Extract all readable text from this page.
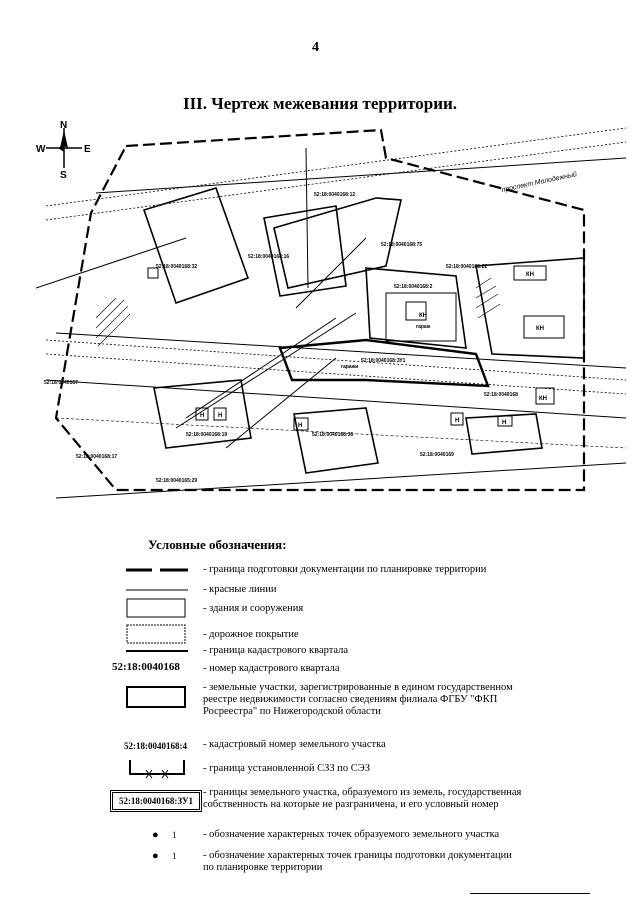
4
III. Чертеж межевания территории.
N
S
W	E
проспект Молодежный
52:18:0040168:12
52:18:0040168:16
52:18:0040168:75
52:18:0040168:22
52:18:0040168:2
52:18:0040168:ЗУ1
52:18:0040168
52:18:0040168:19
52:18:0040168:17
52:18:0040167
52:18:0040169
52:18:0040168:32
52:18:0040168:36
52:18:0040165:29
гараж
гаражи
КН
КН
КН
КН
Н Н
Н
Н	Н
Условные обозначения:
- граница подготовки документации по планировке территории
- красные линии
- здания и сооружения
- дорожное покрытие
- граница кадастрового квартала
52:18:0040168 - номер кадастрового квартала
- земельные участки, зарегистрированные в едином государственном реестре недвижимости согласно сведениям филиала ФГБУ "ФКП Росреестра" по Нижегородской области
52:18:0040168:4 - кадастровый номер земельного участка
- граница установленной СЗЗ по СЭЗ
52:18:0040168:ЗУ1
- границы земельного участка, образуемого из земель, государственная собственность на которые не разграничена, и его условный номер
● 1	- обозначение характерных точек образуемого земельного участка
● 1	- обозначение характерных точек границы подготовки документации по планировке территории
